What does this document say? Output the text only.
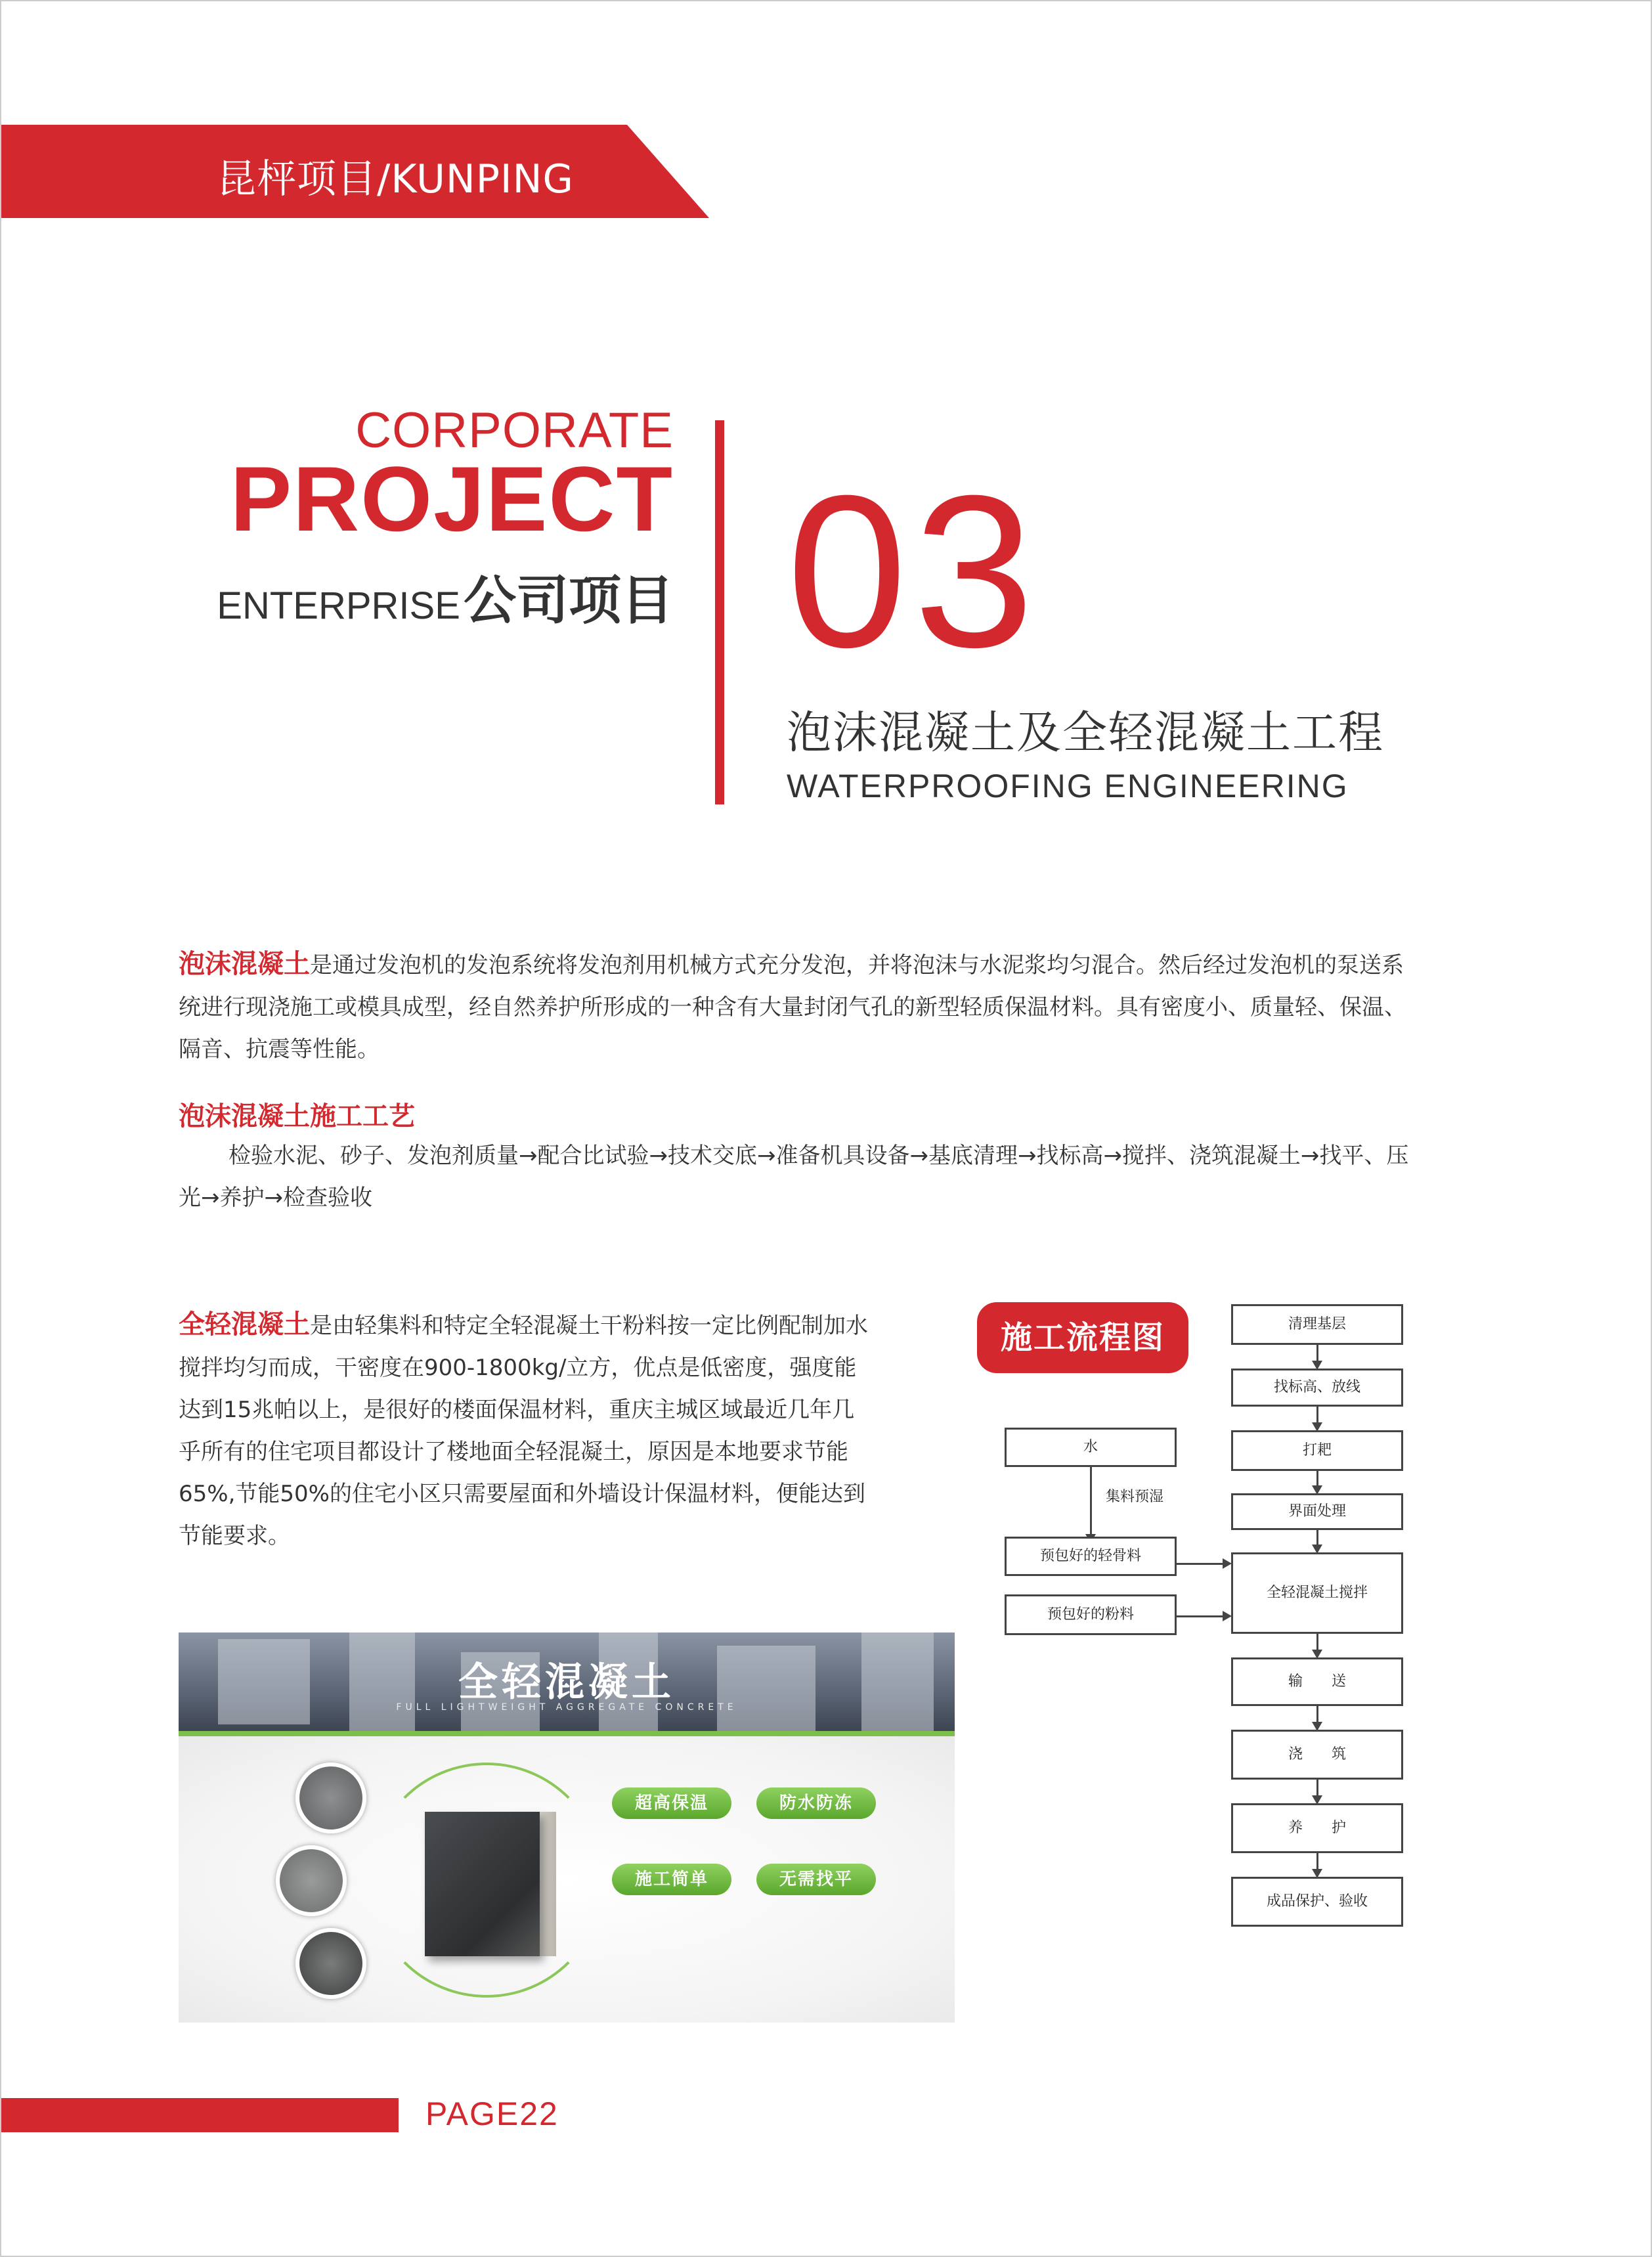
昆枰项目/KUNPING
CORPORATE
PROJECT
ENTERPRISE 公司项目 03
泡沫混凝土及全轻混凝土工程
WATERPROOFING ENGINEERING
泡沫混凝土是通过发泡机的发泡系统将发泡剂用机械方式充分发泡，并将泡沫与水泥浆均匀混合。然后经过发泡机的泵送系统进行现浇施工或模具成型，经自然养护所形成的一种含有大量封闭气孔的新型轻质保温材料。具有密度小、质量轻、保温、隔音、抗震等性能。
泡沫混凝土施工工艺
检验水泥、砂子、发泡剂质量→配合比试验→技术交底→准备机具设备→基底清理→找标高→搅拌、浇筑混凝土→找平、压光→养护→检查验收
全轻混凝土是由轻集料和特定全轻混凝土干粉料按一定比例配制加水搅拌均匀而成，干密度在900-1800kg/立方，优点是低密度，强度能达到15兆帕以上，是很好的楼面保温材料，重庆主城区域最近几年几乎所有的住宅项目都设计了楼地面全轻混凝土，原因是本地要求节能65%,节能50%的住宅小区只需要屋面和外墙设计保温材料，便能达到节能要求。
全轻混凝土
FULL LIGHTWEIGHT AGGREGATE CONCRETE
超高保温	防水防冻
施工简单	无需找平
施工流程图	清理基层
找标高、放线
打耙
界面处理
全轻混凝土搅拌
输　　送
浇　　筑
养　　护
成品保护、验收
水
集料预湿
预包好的轻骨料
预包好的粉料
PAGE22
